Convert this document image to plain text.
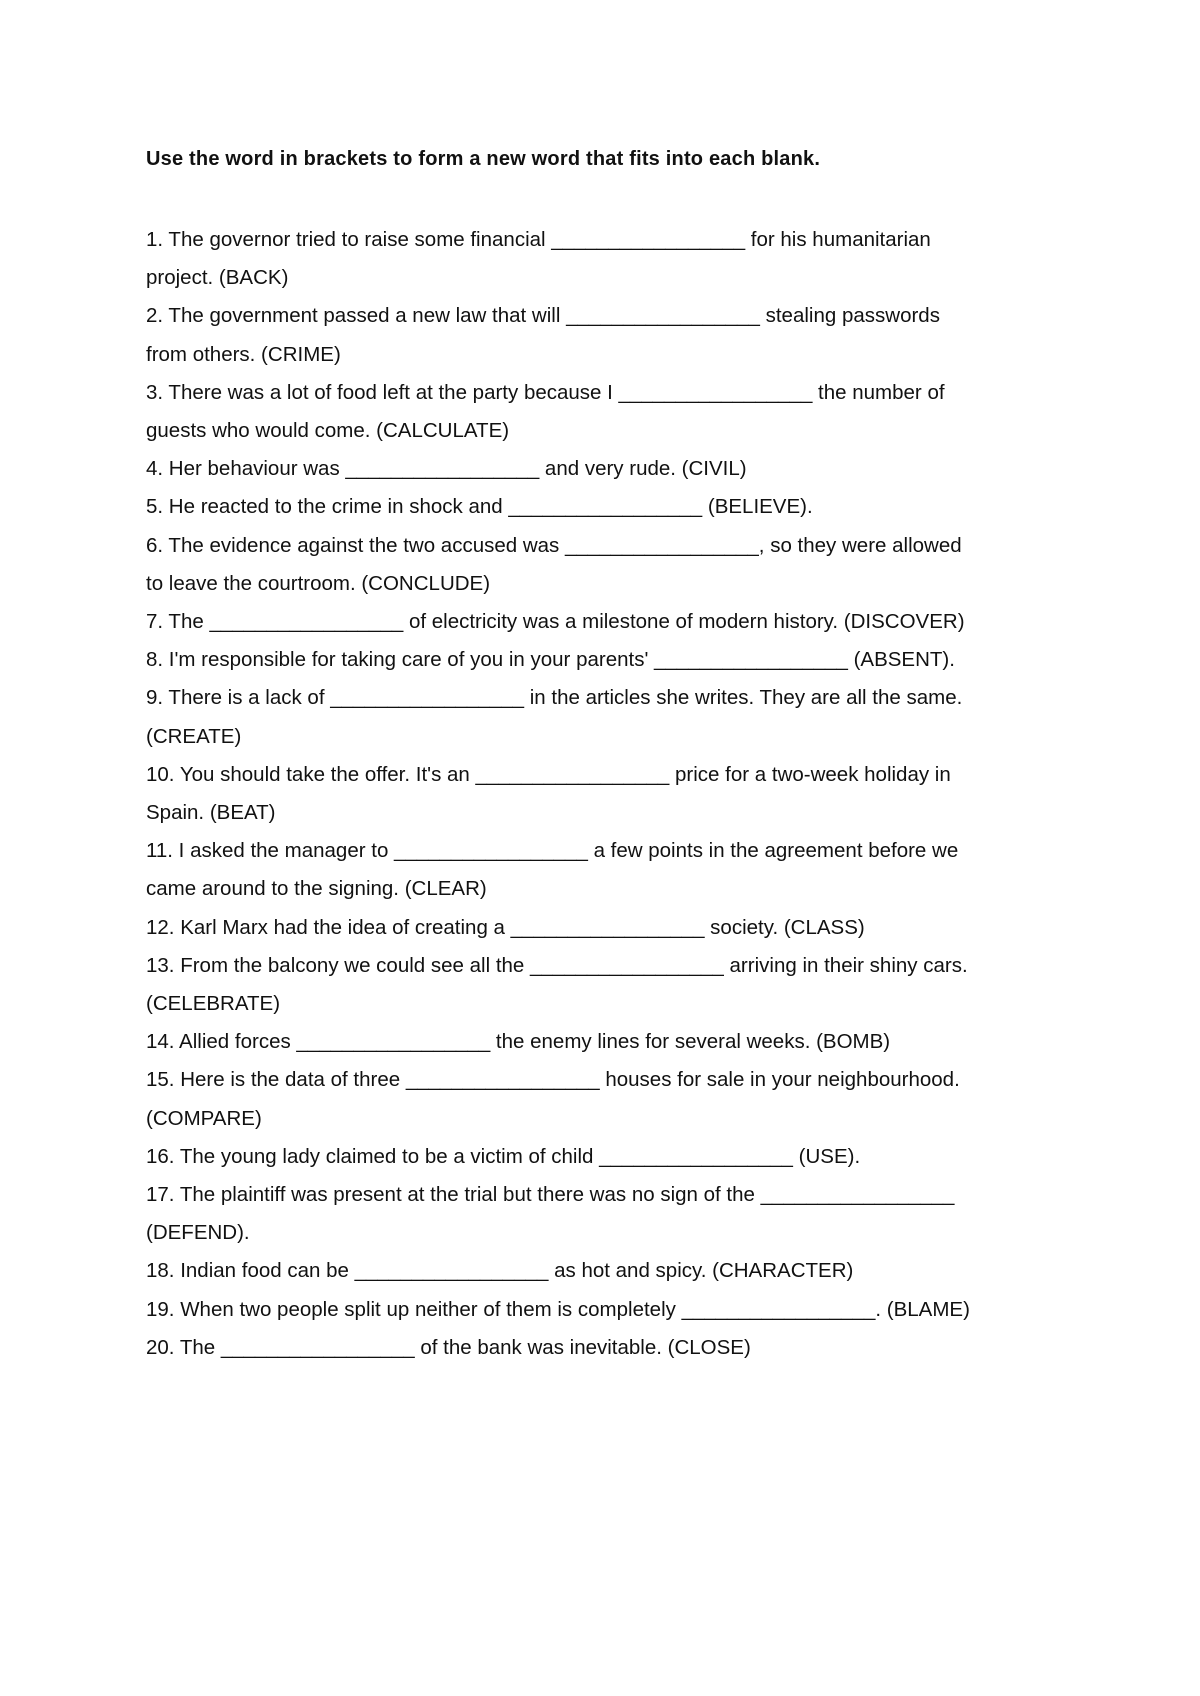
Use the word in brackets to form a new word that fits into each blank.

1. The governor tried to raise some financial _________________ for his humanitarian
project. (BACK)
2. The government passed a new law that will _________________ stealing passwords
from others. (CRIME)
3. There was a lot of food left at the party because I _________________ the number of
guests who would come. (CALCULATE)
4. Her behaviour was _________________ and very rude. (CIVIL)
5. He reacted to the crime in shock and _________________ (BELIEVE).
6. The evidence against the two accused was _________________, so they were allowed
to leave the courtroom. (CONCLUDE)
7. The _________________ of electricity was a milestone of modern history. (DISCOVER)
8. I'm responsible for taking care of you in your parents' _________________ (ABSENT).
9. There is a lack of _________________ in the articles she writes. They are all the same.
(CREATE)
10. You should take the offer. It's an _________________ price for a two-week holiday in
Spain. (BEAT)
11. I asked the manager to _________________ a few points in the agreement before we
came around to the signing. (CLEAR)
12. Karl Marx had the idea of creating a _________________ society. (CLASS)
13. From the balcony we could see all the _________________ arriving in their shiny cars.
(CELEBRATE)
14. Allied forces _________________ the enemy lines for several weeks. (BOMB)
15. Here is the data of three _________________ houses for sale in your neighbourhood.
(COMPARE)
16. The young lady claimed to be a victim of child _________________ (USE).
17. The plaintiff was present at the trial but there was no sign of the _________________
(DEFEND).
18. Indian food can be _________________ as hot and spicy. (CHARACTER)
19. When two people split up neither of them is completely _________________. (BLAME)
20. The _________________ of the bank was inevitable. (CLOSE)
